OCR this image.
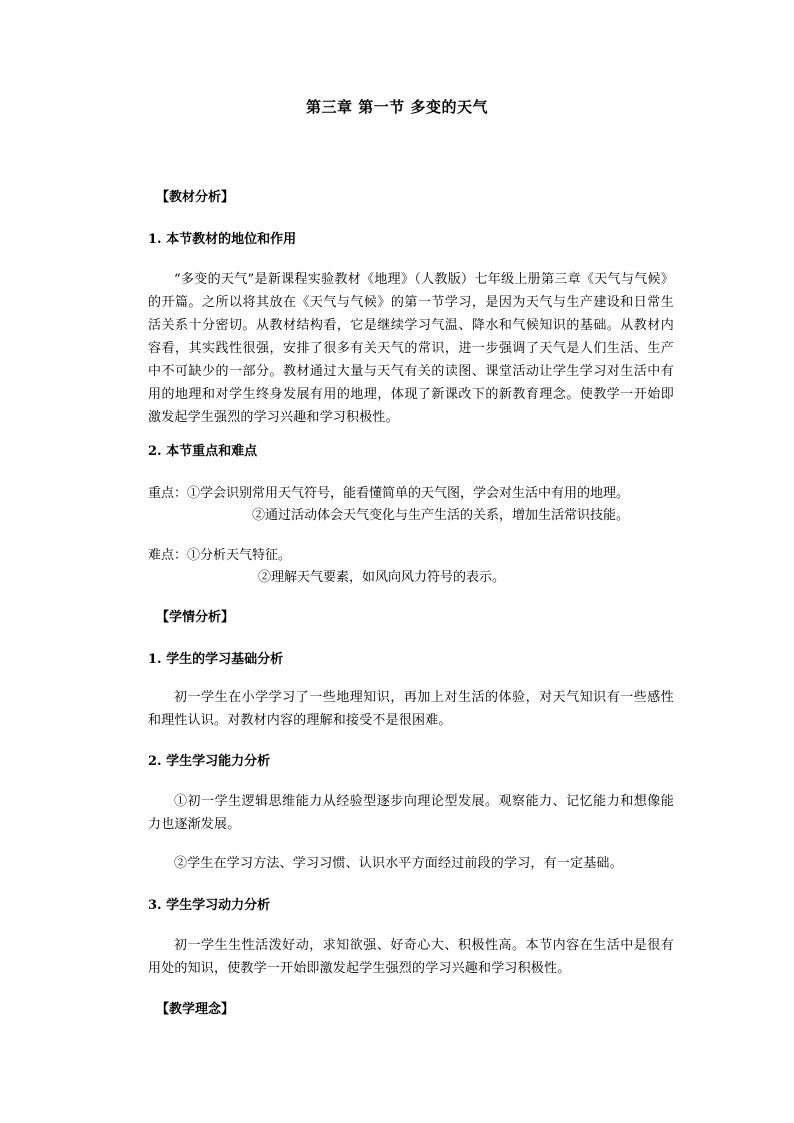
第三章 第一节 多变的天气
【教材分析】
1. 本节教材的地位和作用

“多变的天气”是新课程实验教材《地理》（人教版）七年级上册第三章《天气与气候》的开篇。之所以将其放在《天气与气候》的第一节学习，是因为天气与生产建设和日常生活关系十分密切。从教材结构看，它是继续学习气温、降水和气候知识的基础。从教材内容看，其实践性很强，安排了很多有关天气的常识，进一步强调了天气是人们生活、生产中不可缺少的一部分。教材通过大量与天气有关的读图、课堂活动让学生学习对生活中有用的地理和对学生终身发展有用的地理，体现了新课改下的新教育理念。使教学一开始即激发起学生强烈的学习兴趣和学习积极性。

2. 本节重点和难点
重点：①学会识别常用天气符号，能看懂简单的天气图，学会对生活中有用的地理。
②通过活动体会天气变化与生产生活的关系，增加生活常识技能。
难点：①分析天气特征。
②理解天气要素，如风向风力符号的表示。
【学情分析】
1. 学生的学习基础分析

初一学生在小学学习了一些地理知识，再加上对生活的体验，对天气知识有一些感性和理性认识。对教材内容的理解和接受不是很困难。

2. 学生学习能力分析

①初一学生逻辑思维能力从经验型逐步向理论型发展。观察能力、记忆能力和想像能力也逐渐发展。

②学生在学习方法、学习习惯、认识水平方面经过前段的学习，有一定基础。

3. 学生学习动力分析

初一学生生性活泼好动，求知欲强、好奇心大、积极性高。本节内容在生活中是很有用处的知识，使教学一开始即激发起学生强烈的学习兴趣和学习积极性。

【教学理念】
